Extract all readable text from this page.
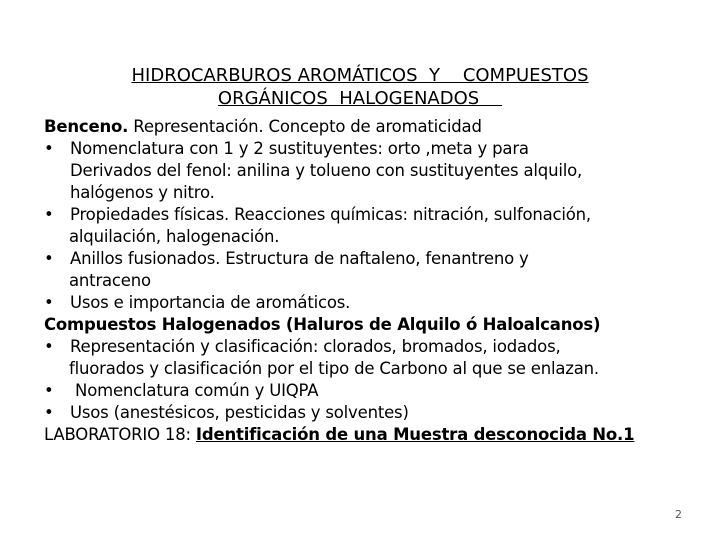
HIDROCARBUROS AROMÁTICOS  Y    COMPUESTOS
ORGÁNICOS  HALOGENADOS
Benceno. Representación. Concepto de aromaticidad
• Nomenclatura con 1 y 2 sustituyentes: orto ,meta y para
Derivados del fenol: anilina y tolueno con sustituyentes alquilo,
halógenos y nitro.
• Propiedades físicas. Reacciones químicas: nitración, sulfonación,
alquilación, halogenación.
• Anillos fusionados. Estructura de naftaleno, fenantreno y
antraceno
• Usos e importancia de aromáticos.
Compuestos Halogenados (Haluros de Alquilo ó Haloalcanos)
• Representación y clasificación: clorados, bromados, iodados,
fluorados y clasificación por el tipo de Carbono al que se enlazan.
• Nomenclatura común y UIQPA
• Usos (anestésicos, pesticidas y solventes)
LABORATORIO 18: Identificación de una Muestra desconocida No.1
2
